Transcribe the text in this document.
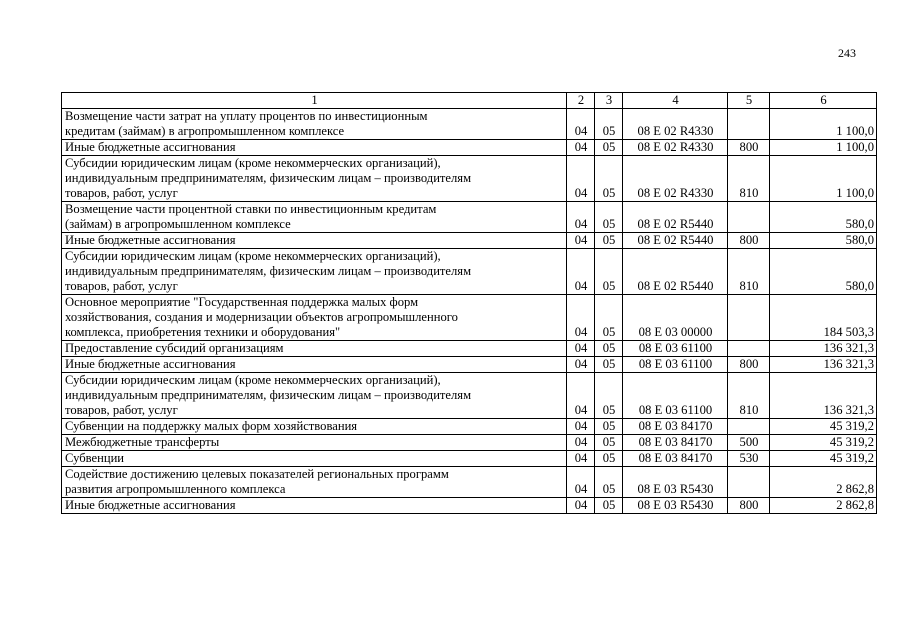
243
1	2	3	4	5	6

Возмещение части затрат на уплату процентов по инвестиционным
кредитам (займам) в агропромышленном комплексе	04	05	08 Е 02 R4330		1 100,0

Иные бюджетные ассигнования	04	05	08 Е 02 R4330	800	1 100,0

Субсидии юридическим лицам (кроме некоммерческих организаций),
индивидуальным предпринимателям, физическим лицам – производителям
товаров, работ, услуг	04	05	08 Е 02 R4330	810	1 100,0

Возмещение части процентной ставки по инвестиционным кредитам
(займам) в агропромышленном комплексе	04	05	08 Е 02 R5440		580,0

Иные бюджетные ассигнования	04	05	08 Е 02 R5440	800	580,0

Субсидии юридическим лицам (кроме некоммерческих организаций),
индивидуальным предпринимателям, физическим лицам – производителям
товаров, работ, услуг	04	05	08 Е 02 R5440	810	580,0

Основное мероприятие "Государственная поддержка малых форм
хозяйствования, создания и модернизации объектов агропромышленного
комплекса, приобретения техники и оборудования"	04	05	08 Е 03 00000		184 503,3

Предоставление субсидий организациям	04	05	08 Е 03 61100		136 321,3

Иные бюджетные ассигнования	04	05	08 Е 03 61100	800	136 321,3

Субсидии юридическим лицам (кроме некоммерческих организаций),
индивидуальным предпринимателям, физическим лицам – производителям
товаров, работ, услуг	04	05	08 Е 03 61100	810	136 321,3

Субвенции на поддержку малых форм хозяйствования	04	05	08 Е 03 84170		45 319,2

Межбюджетные трансферты	04	05	08 Е 03 84170	500	45 319,2

Субвенции	04	05	08 Е 03 84170	530	45 319,2

Содействие достижению целевых показателей региональных программ
развития агропромышленного комплекса	04	05	08 Е 03 R5430		2 862,8

Иные бюджетные ассигнования	04	05	08 Е 03 R5430	800	2 862,8
